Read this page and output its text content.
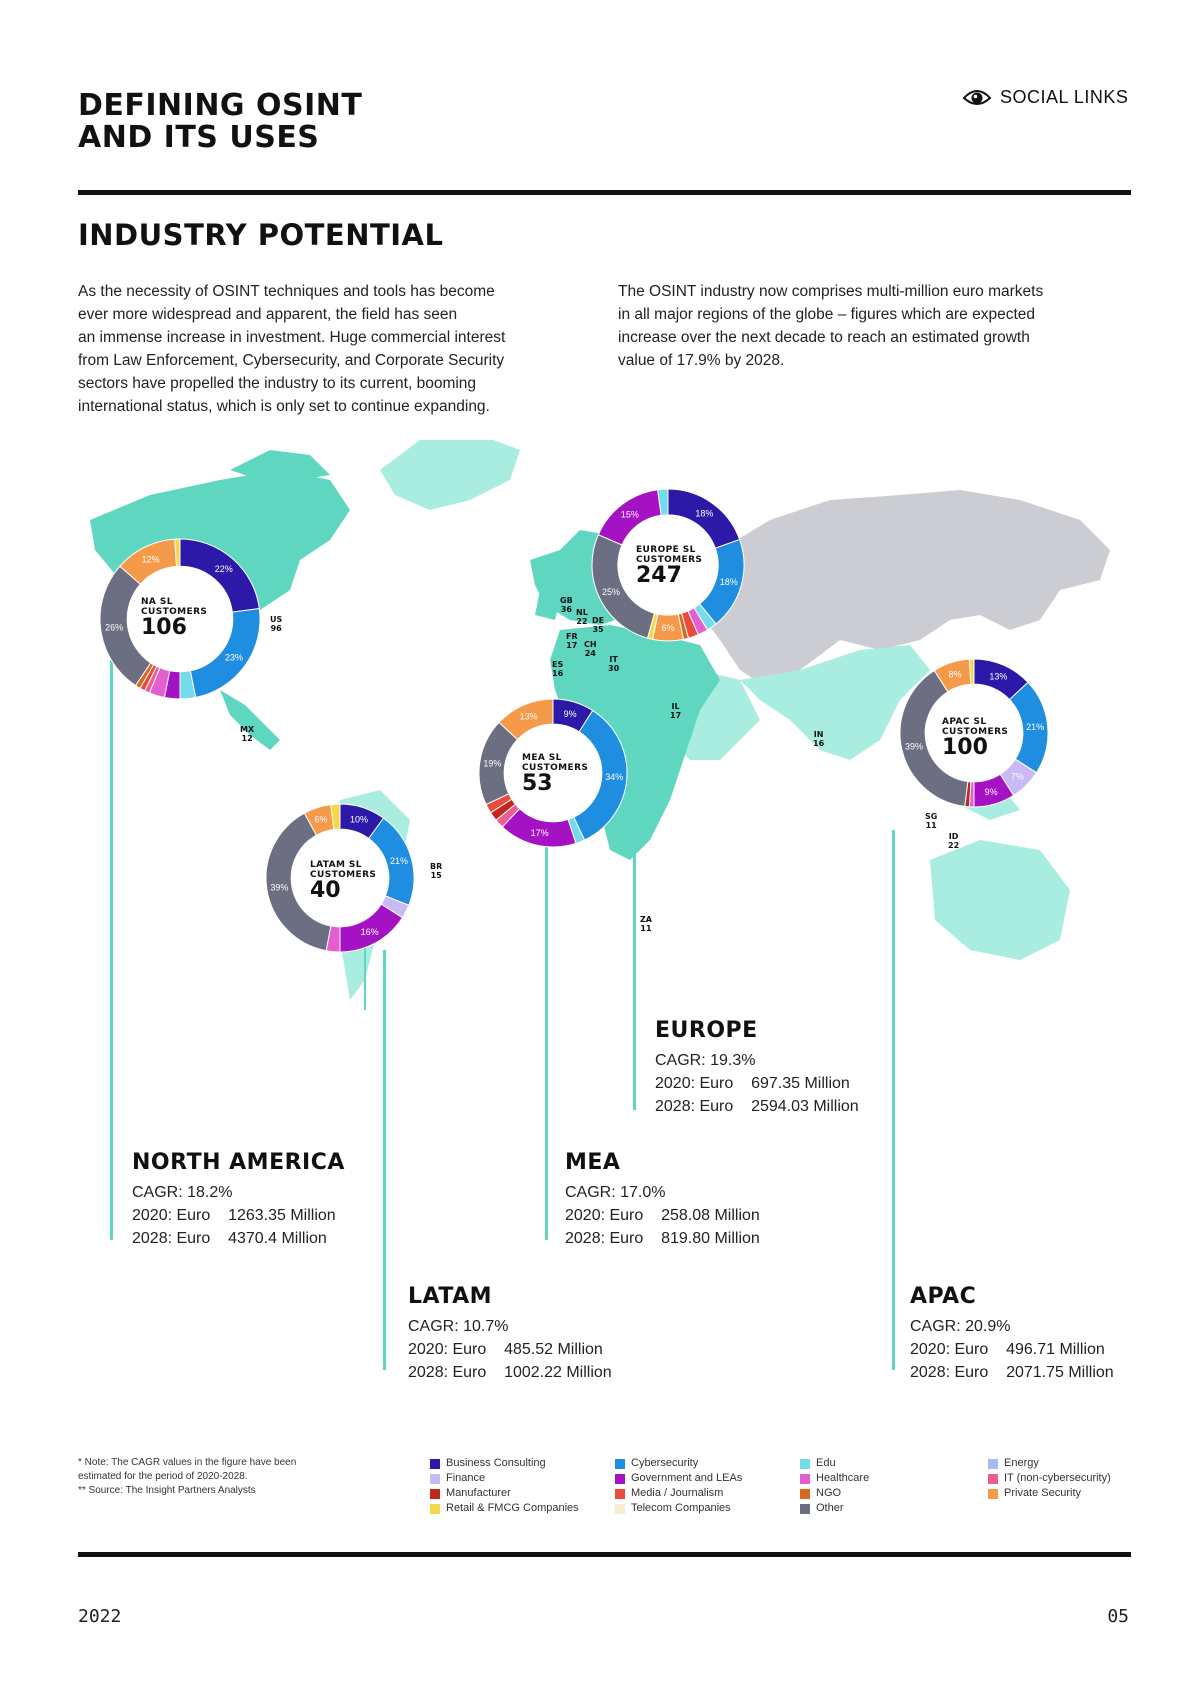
DEFINING OSINT
AND ITS USES
SOCIAL LINKS
INDUSTRY POTENTIAL
As the necessity of OSINT techniques and tools has become
ever more widespread and apparent, the field has seen
an immense increase in investment. Huge commercial interest
from Law Enforcement, Cybersecurity, and Corporate Security
sectors have propelled the industry to its current, booming
international status, which is only set to continue expanding.
The OSINT industry now comprises multi-million euro markets
in all major regions of the globe – figures which are expected
increase over the next decade to reach an estimated growth
value of 17.9% by 2028.
22%
23%
26%
12%
18%
18%
6%
25%
15%
9%
34%
17%
19%
13%
10%
21%
16%
39%
6%
13%
21%
7%
9%
39%
8%
NA SL
CUSTOMERS
106
EUROPE SL
CUSTOMERS
247
MEA SL
CUSTOMERS
53
LATAM SL
CUSTOMERS
40
APAC SL
CUSTOMERS
100
US
96
MX
12
BR
15
GB
36 NL
22 DE
35
FR
17 CH
24
ES
16
IT
30
IL
17
IN
16
SG
11
ID
22
ZA
11
EUROPE
CAGR: 19.3%
2020: Euro    697.35 Million
2028: Euro    2594.03 Million
NORTH AMERICA
CAGR: 18.2%
2020: Euro    1263.35 Million
2028: Euro    4370.4 Million
MEA
CAGR: 17.0%
2020: Euro    258.08 Million
2028: Euro    819.80 Million
LATAM
CAGR: 10.7%
2020: Euro    485.52 Million
2028: Euro    1002.22 Million
APAC
CAGR: 20.9%
2020: Euro    496.71 Million
2028: Euro    2071.75 Million
* Note: The CAGR values in the figure have been
estimated for the period of 2020-2028.
** Source: The Insight Partners Analysts
Business Consulting
Finance
Manufacturer
Retail & FMCG Companies
Cybersecurity
Government and LEAs
Media / Journalism
Telecom Companies
Edu
Healthcare
NGO
Other
Energy
IT (non-cybersecurity)
Private Security
2022	05
